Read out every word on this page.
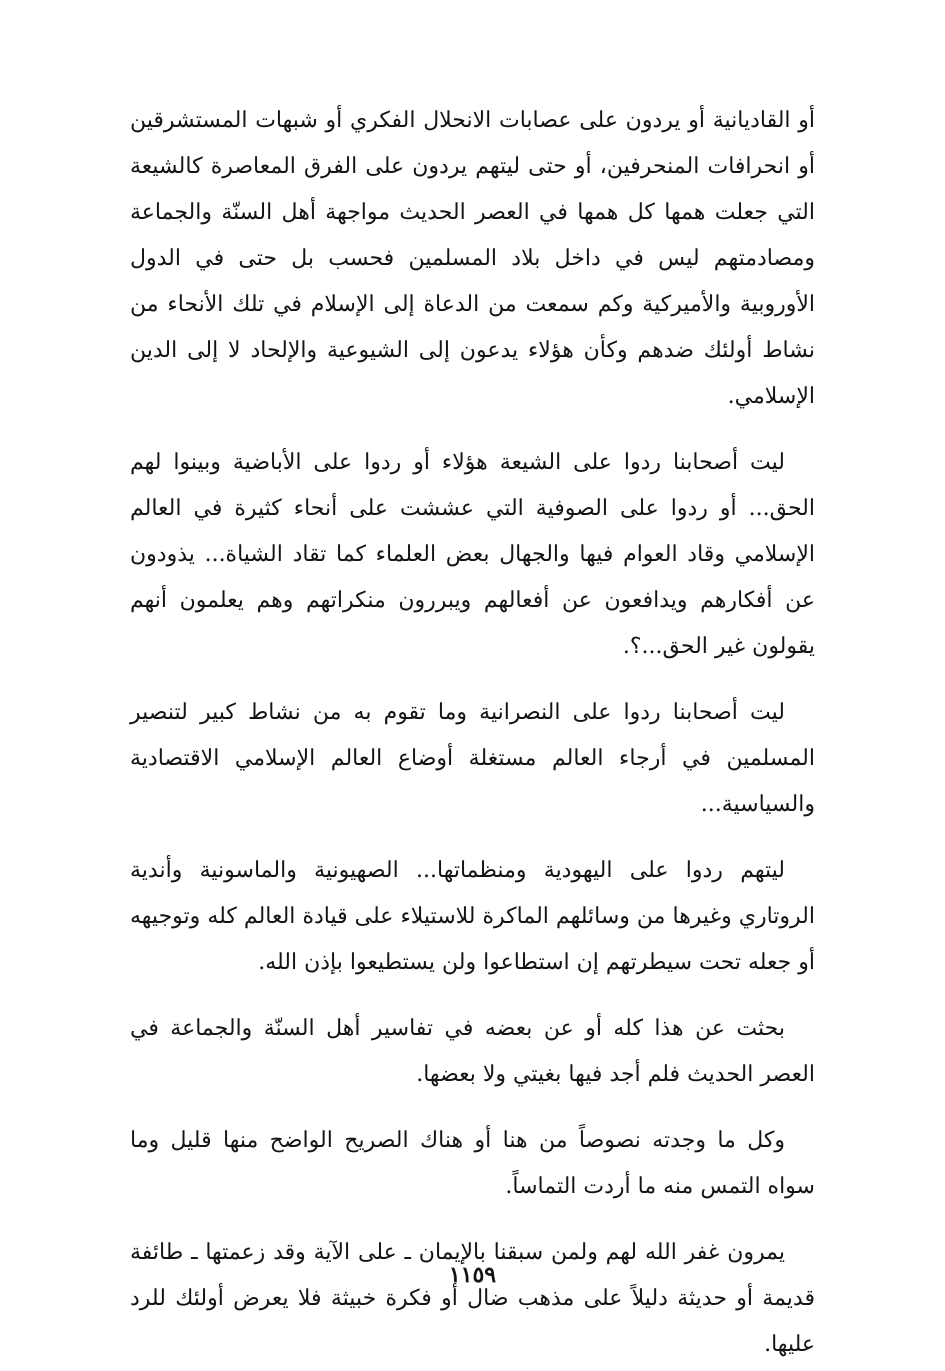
أو القاديانية أو يردون على عصابات الانحلال الفكري أو شبهات المستشرقين أو انحرافات المنحرفين، أو حتى ليتهم يردون على الفرق المعاصرة كالشيعة التي جعلت همها كل همها في العصر الحديث مواجهة أهل السنّة والجماعة ومصادمتهم ليس في داخل بلاد المسلمين فحسب بل حتى في الدول الأوروبية والأميركية وكم سمعت من الدعاة إلى الإسلام في تلك الأنحاء من نشاط أولئك ضدهم وكأن هؤلاء يدعون إلى الشيوعية والإلحاد لا إلى الدين الإسلامي.

ليت أصحابنا ردوا على الشيعة هؤلاء أو ردوا على الأباضية وبينوا لهم الحق... أو ردوا على الصوفية التي عششت على أنحاء كثيرة في العالم الإسلامي وقاد العوام فيها والجهال بعض العلماء كما تقاد الشياة... يذودون عن أفكارهم ويدافعون عن أفعالهم ويبررون منكراتهم وهم يعلمون أنهم يقولون غير الحق...؟.

ليت أصحابنا ردوا على النصرانية وما تقوم به من نشاط كبير لتنصير المسلمين في أرجاء العالم مستغلة أوضاع العالم الإسلامي الاقتصادية والسياسية...

ليتهم ردوا على اليهودية ومنظماتها... الصهيونية والماسونية وأندية الروتاري وغيرها من وسائلهم الماكرة للاستيلاء على قيادة العالم كله وتوجيهه أو جعله تحت سيطرتهم إن استطاعوا ولن يستطيعوا بإذن الله.

بحثت عن هذا كله أو عن بعضه في تفاسير أهل السنّة والجماعة في العصر الحديث فلم أجد فيها بغيتي ولا بعضها.

وكل ما وجدته نصوصاً من هنا أو هناك الصريح الواضح منها قليل وما سواه التمس منه ما أردت التماساً.

يمرون غفر الله لهم ولمن سبقنا بالإيمان ـ على الآية وقد زعمتها ـ طائفة قديمة أو حديثة دليلاً على مذهب ضال أو فكرة خبيثة فلا يعرض أولئك للرد عليها.

١١٥٩
